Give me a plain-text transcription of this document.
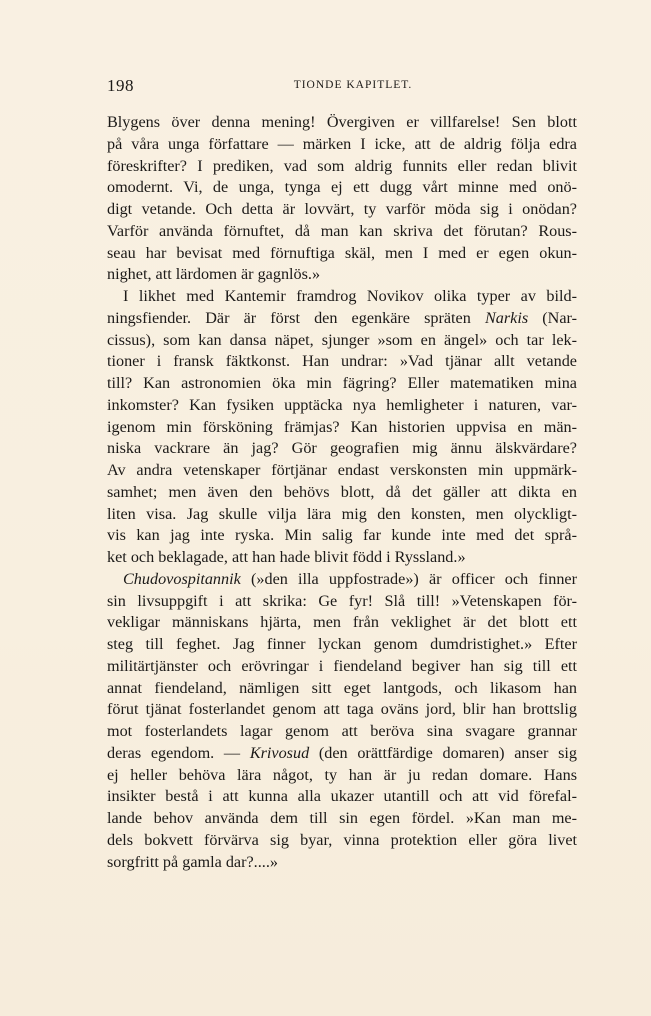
198	TIONDE KAPITLET.
Blygens över denna mening! Övergiven er villfarelse! Sen blott
på våra unga författare — märken I icke, att de aldrig följa edra
föreskrifter? I prediken, vad som aldrig funnits eller redan blivit
omodernt. Vi, de unga, tynga ej ett dugg vårt minne med onö-
digt vetande. Och detta är lovvärt, ty varför möda sig i onödan?
Varför använda förnuftet, då man kan skriva det förutan? Rous-
seau har bevisat med förnuftiga skäl, men I med er egen okun-
nighet, att lärdomen är gagnlös.»
I likhet med Kantemir framdrog Novikov olika typer av bild-
ningsfiender. Där är först den egenkäre spräten Narkis (Nar-
cissus), som kan dansa näpet, sjunger »som en ängel» och tar lek-
tioner i fransk fäktkonst. Han undrar: »Vad tjänar allt vetande
till? Kan astronomien öka min fägring? Eller matematiken mina
inkomster? Kan fysiken upptäcka nya hemligheter i naturen, var-
igenom min försköning främjas? Kan historien uppvisa en män-
niska vackrare än jag? Gör geografien mig ännu älskvärdare?
Av andra vetenskaper förtjänar endast verskonsten min uppmärk-
samhet; men även den behövs blott, då det gäller att dikta en
liten visa. Jag skulle vilja lära mig den konsten, men olyckligt-
vis kan jag inte ryska. Min salig far kunde inte med det språ-
ket och beklagade, att han hade blivit född i Ryssland.»
Chudovospitannik (»den illa uppfostrade») är officer och finner
sin livsuppgift i att skrika: Ge fyr! Slå till! »Vetenskapen för-
vekligar människans hjärta, men från veklighet är det blott ett
steg till feghet. Jag finner lyckan genom dumdristighet.» Efter
militärtjänster och erövringar i fiendeland begiver han sig till ett
annat fiendeland, nämligen sitt eget lantgods, och likasom han
förut tjänat fosterlandet genom att taga oväns jord, blir han brottslig
mot fosterlandets lagar genom att beröva sina svagare grannar
deras egendom. — Krivosud (den orättfärdige domaren) anser sig
ej heller behöva lära något, ty han är ju redan domare. Hans
insikter bestå i att kunna alla ukazer utantill och att vid förefal-
lande behov använda dem till sin egen fördel. »Kan man me-
dels bokvett förvärva sig byar, vinna protektion eller göra livet
sorgfritt på gamla dar?....»
